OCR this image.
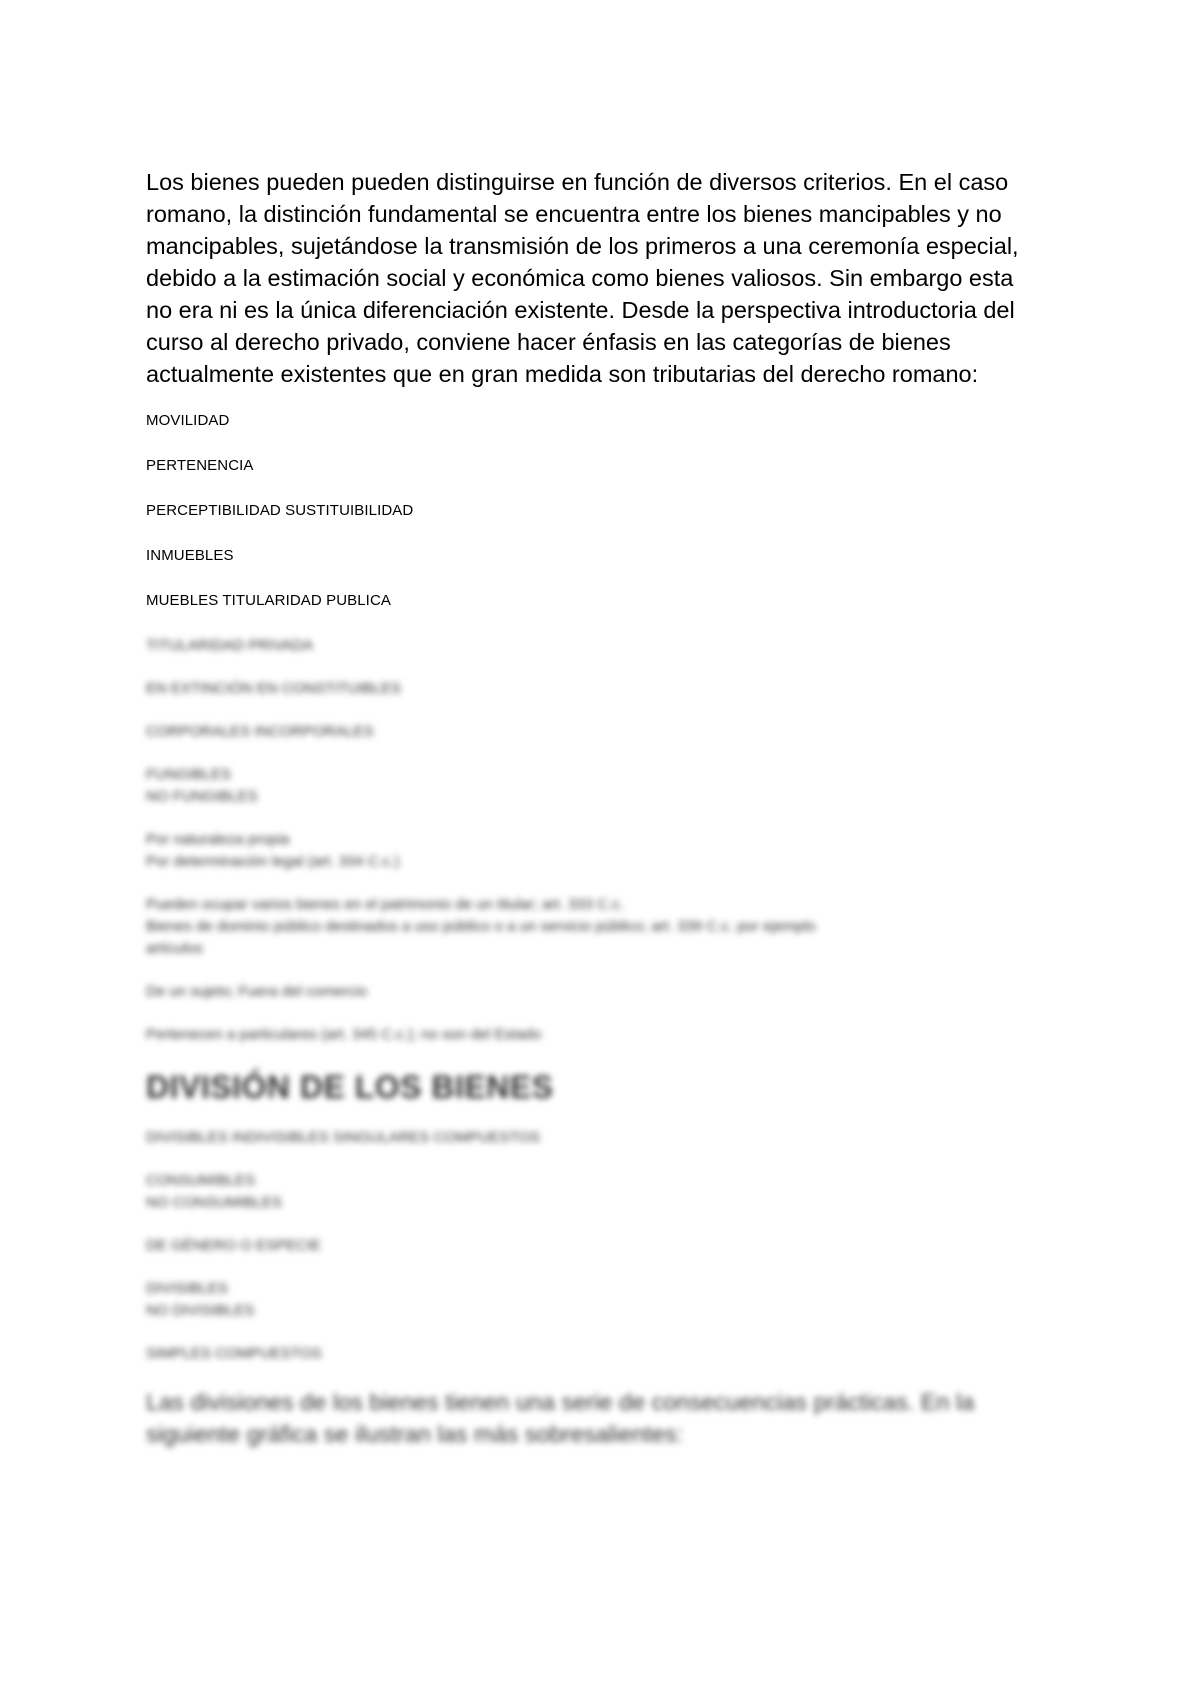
Los bienes pueden pueden distinguirse en función de diversos criterios. En el caso romano, la distinción fundamental se encuentra entre los bienes mancipables y no mancipables, sujetándose la transmisión de los primeros a una ceremonía especial, debido a la estimación social y económica como bienes valiosos. Sin embargo esta no era ni es la única diferenciación existente. Desde la perspectiva introductoria del curso al derecho privado, conviene hacer énfasis en las categorías de bienes actualmente existentes que en gran medida son tributarias del derecho romano:

MOVILIDAD
PERTENENCIA
PERCEPTIBILIDAD SUSTITUIBILIDAD
INMUEBLES
MUEBLES TITULARIDAD PUBLICA
TITULARIDAD PRIVADA
EN EXTINCIÓN EN CONSTITUIBLES
CORPORALES INCORPORALES
FUNGIBLES
NO FUNGIBLES
Por naturaleza propia
Por determinación legal (art. 334 C.c.)
Pueden ocupar varios bienes en el patrimonio de un titular; art. 333 C.c.
Bienes de dominio público destinados a uso público o a un servicio público; art. 339 C.c. por ejemplo
artículos
De un sujeto; Fuera del comercio
Pertenecen a particulares (art. 345 C.c.); no son del Estado
DIVISIÓN DE LOS BIENES
DIVISIBLES INDIVISIBLES SINGULARES COMPUESTOS
CONSUMIBLES
NO CONSUMIBLES
DE GÉNERO O ESPECIE
DIVISIBLES
NO DIVISIBLES
SIMPLES COMPUESTOS

Las divisiones de los bienes tienen una serie de consecuencias prácticas. En la siguiente gráfica se ilustran las más sobresalientes:
